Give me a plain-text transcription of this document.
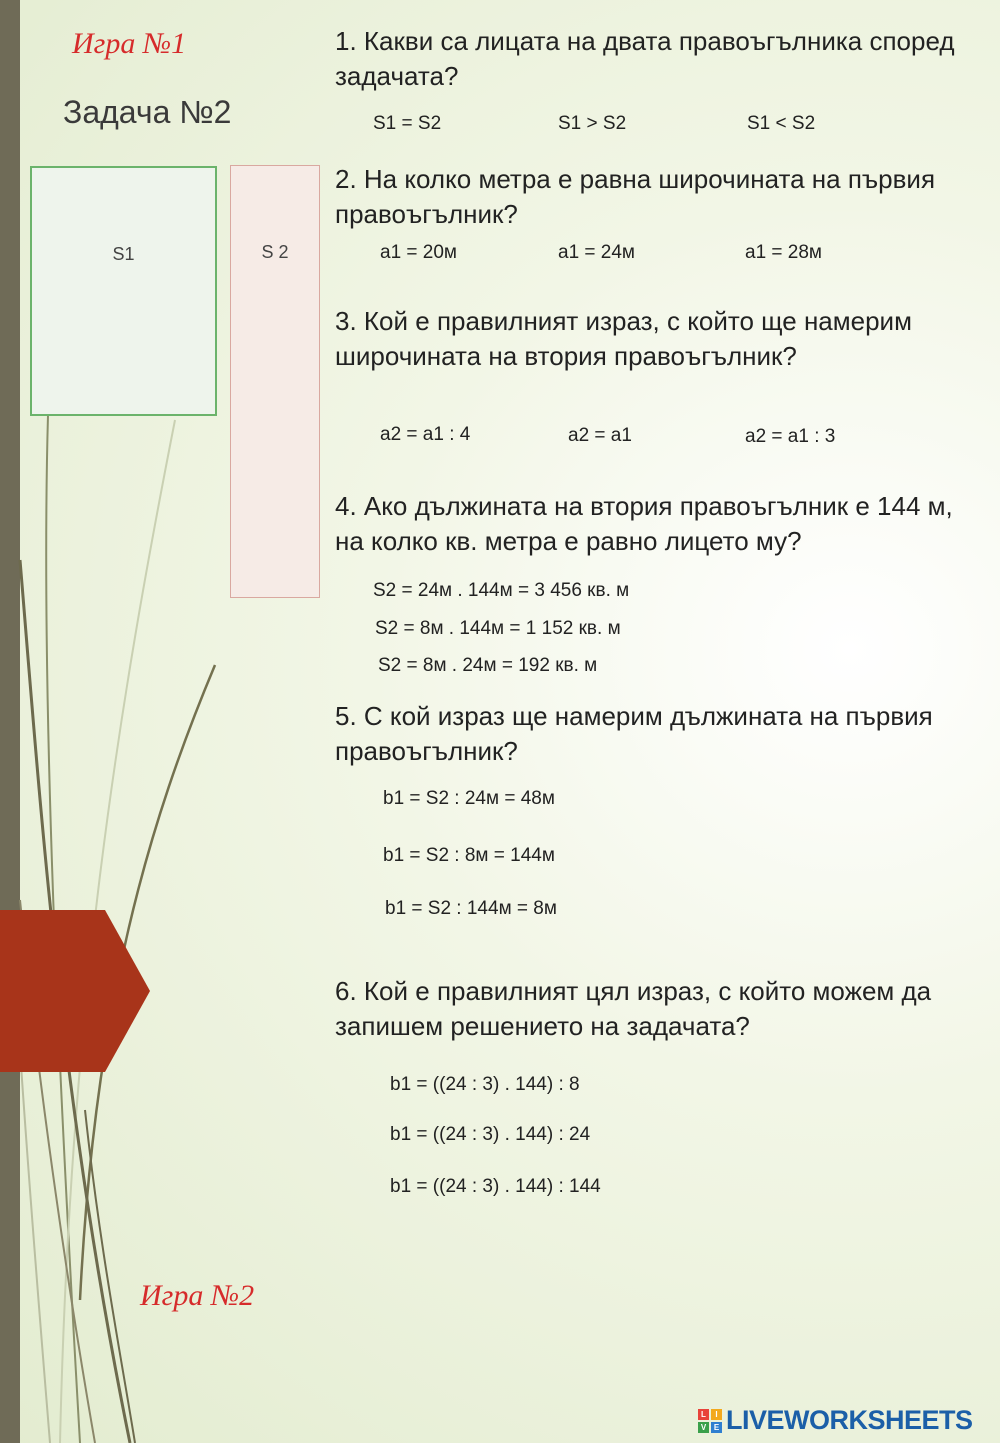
Игра №1
Задача №2
S1	S 2
1. Какви са лицата на двата правоъгълника според задачата?
S1 = S2	S1 > S2	S1 < S2
2. На колко метра е равна широчината на първия правоъгълник?
a1 = 20м	a1 = 24м	a1 = 28м
3. Кой е правилният израз, с който ще намерим широчината на втория правоъгълник?
a2 = a1 : 4	a2 = a1	a2 = a1 : 3
4. Ако дължината на втория правоъгълник е 144 м, на колко кв. метра е равно лицето му?
S2 = 24м . 144м = 3 456 кв. м
S2 = 8м . 144м = 1 152 кв. м
S2 = 8м . 24м = 192 кв. м
5. С кой израз ще намерим дължината на първия правоъгълник?
b1 = S2 : 24м = 48м
b1 = S2 : 8м = 144м
b1 = S2 : 144м = 8м
6. Кой е правилният цял израз, с който можем да запишем решението на задачата?
b1 = ((24 : 3) . 144) : 8
b1 = ((24 : 3) . 144) : 24
b1 = ((24 : 3) . 144) : 144
Игра №2
L	I
V E LIVEWORKSHEETS
